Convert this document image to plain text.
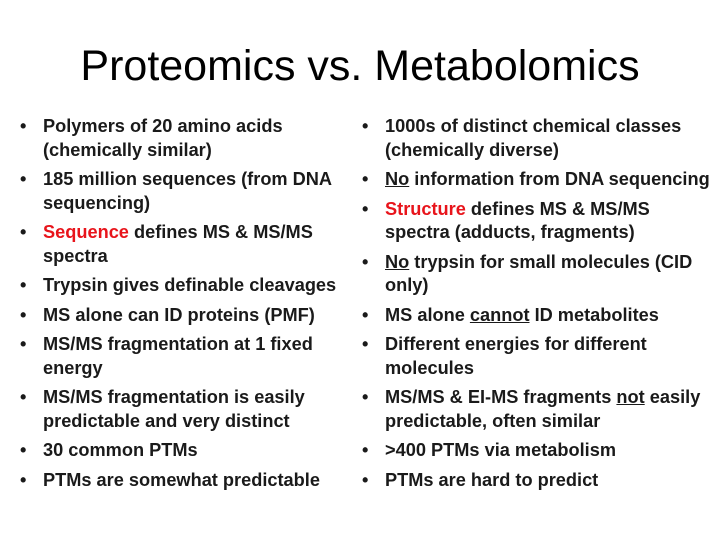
Proteomics vs. Metabolomics
• Polymers of 20 amino acids (chemically similar)
• 185 million sequences (from DNA sequencing)
• Sequence defines MS & MS/MS spectra
• Trypsin gives definable cleavages
• MS alone can ID proteins (PMF)
• MS/MS fragmentation at 1 fixed energy
• MS/MS fragmentation is easily predictable and very distinct
• 30 common PTMs
• PTMs are somewhat predictable
• 1000s of distinct chemical classes (chemically diverse)
• No information from DNA sequencing
• Structure defines MS & MS/MS spectra (adducts, fragments)
• No trypsin for small molecules (CID only)
• MS alone cannot ID metabolites
• Different energies for different molecules
• MS/MS & EI-MS fragments not easily predictable, often similar
• >400 PTMs via metabolism
• PTMs are hard to predict
